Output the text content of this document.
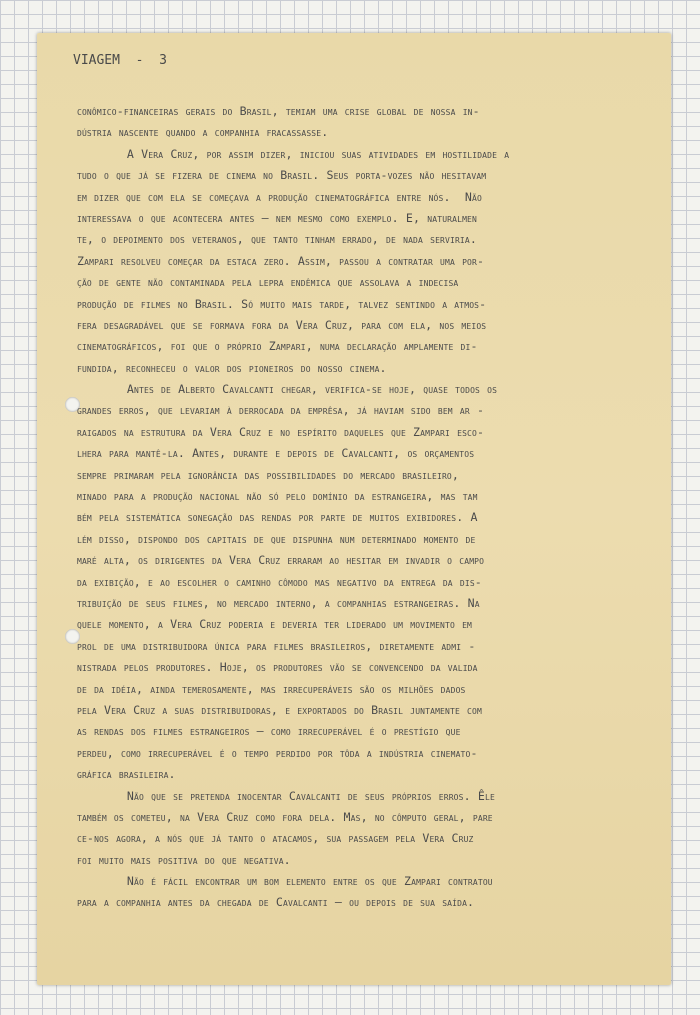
VIAGEM  -  3
conômico-financeiras gerais do Brasil, temiam uma crise global de nossa in-
dústria nascente quando a companhia fracassasse.
A Vera Cruz, por assim dizer, iniciou suas atividades em hostilidade a
tudo o que já se fizera de cinema no Brasil. Seus porta-vozes não hesitavam
em dizer que com ela se começava a produção cinematográfica entre nós.  Não
interessava o que acontecera antes — nem mesmo como exemplo. E, naturalmen
te, o depoimento dos veteranos, que tanto tinham errado, de nada serviria.
Zampari resolveu começar da estaca zero. Assim, passou a contratar uma por-
ção de gente não contaminada pela lepra endêmica que assolava a indecisa
produção de filmes no Brasil. Só muito mais tarde, talvez sentindo a atmos-
fera desagradável que se formava fora da Vera Cruz, para com ela, nos meios
cinematográficos, foi que o próprio Zampari, numa declaração amplamente di-
fundida, reconheceu o valor dos pioneiros do nosso cinema.
Antes de Alberto Cavalcanti chegar, verifica-se hoje, quase todos os
grandes erros, que levariam à derrocada da emprêsa, já haviam sido bem ar -
raigados na estrutura da Vera Cruz e no espírito daqueles que Zampari esco-
lhera para mantê-la. Antes, durante e depois de Cavalcanti, os orçamentos
sempre primaram pela ignorância das possibilidades do mercado brasileiro,
minado para a produção nacional não só pelo domínio da estrangeira, mas tam
bém pela sistemática sonegação das rendas por parte de muitos exibidores. A
lém disso, dispondo dos capitais de que dispunha num determinado momento de
maré alta, os dirigentes da Vera Cruz erraram ao hesitar em invadir o campo
da exibição, e ao escolher o caminho cômodo mas negativo da entrega da dis-
tribuição de seus filmes, no mercado interno, a companhias estrangeiras. Na
quele momento, a Vera Cruz poderia e deveria ter liderado um movimento em
prol de uma distribuidora única para filmes brasileiros, diretamente admi -
nistrada pelos produtores. Hoje, os produtores vão se convencendo da valida
de da idéia, ainda temerosamente, mas irrecuperáveis são os milhões dados
pela Vera Cruz a suas distribuidoras, e exportados do Brasil juntamente com
as rendas dos filmes estrangeiros — como irrecuperável é o prestígio que
perdeu, como irrecuperável é o tempo perdido por tôda a indústria cinemato-
gráfica brasileira.
Não que se pretenda inocentar Cavalcanti de seus próprios erros. Êle
também os cometeu, na Vera Cruz como fora dela. Mas, no cômputo geral, pare
ce-nos agora, a nós que já tanto o atacamos, sua passagem pela Vera Cruz
foi muito mais positiva do que negativa.
Não é fácil encontrar um bom elemento entre os que Zampari contratou
para a companhia antes da chegada de Cavalcanti — ou depois de sua saída.
